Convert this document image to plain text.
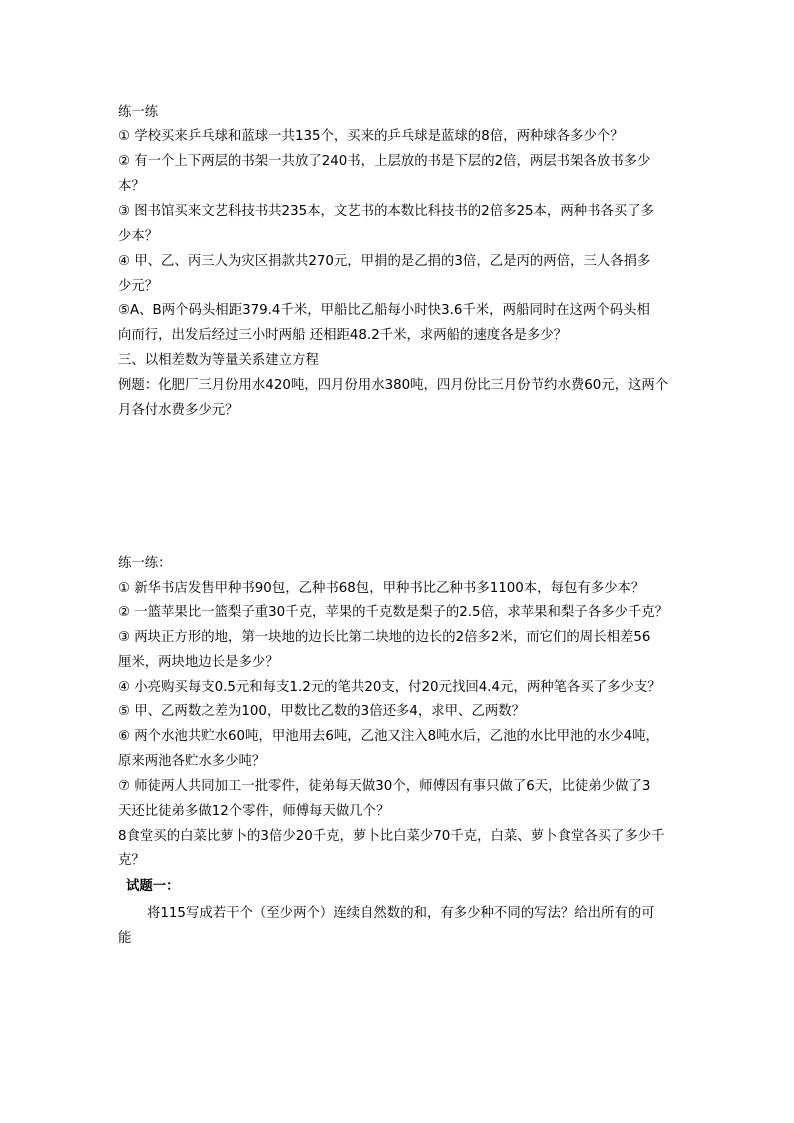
练一练
① 学校买来乒乓球和蓝球一共135个，买来的乒乓球是蓝球的8倍，两种球各多少个？
② 有一个上下两层的书架一共放了240书，上层放的书是下层的2倍，两层书架各放书多少
本？
③ 图书馆买来文艺科技书共235本，文艺书的本数比科技书的2倍多25本，两种书各买了多
少本？
④ 甲、乙、丙三人为灾区捐款共270元，甲捐的是乙捐的3倍，乙是丙的两倍，三人各捐多
少元？
⑤A、B两个码头相距379.4千米，甲船比乙船每小时快3.6千米，两船同时在这两个码头相
向而行，出发后经过三小时两船 还相距48.2千米，求两船的速度各是多少？
三、以相差数为等量关系建立方程
例题：化肥厂三月份用水420吨，四月份用水380吨，四月份比三月份节约水费60元，这两个
月各付水费多少元？
练一练：
① 新华书店发售甲种书90包，乙种书68包，甲种书比乙种书多1100本，每包有多少本？
② 一篮苹果比一篮梨子重30千克，苹果的千克数是梨子的2.5倍，求苹果和梨子各多少千克？
③ 两块正方形的地，第一块地的边长比第二块地的边长的2倍多2米，而它们的周长相差56
厘米，两块地边长是多少？
④ 小亮购买每支0.5元和每支1.2元的笔共20支，付20元找回4.4元，两种笔各买了多少支？
⑤ 甲、乙两数之差为100，甲数比乙数的3倍还多4，求甲、乙两数？
⑥ 两个水池共贮水60吨，甲池用去6吨，乙池又注入8吨水后，乙池的水比甲池的水少4吨，
原来两池各贮水多少吨？
⑦ 师徒两人共同加工一批零件，徒弟每天做30个，师傅因有事只做了6天，比徒弟少做了3
天还比徒弟多做12个零件，师傅每天做几个？
8食堂买的白菜比萝卜的3倍少20千克，萝卜比白菜少70千克，白菜、萝卜食堂各买了多少千
克？
试题一：
将115写成若干个（至少两个）连续自然数的和，有多少种不同的写法？给出所有的可
能
